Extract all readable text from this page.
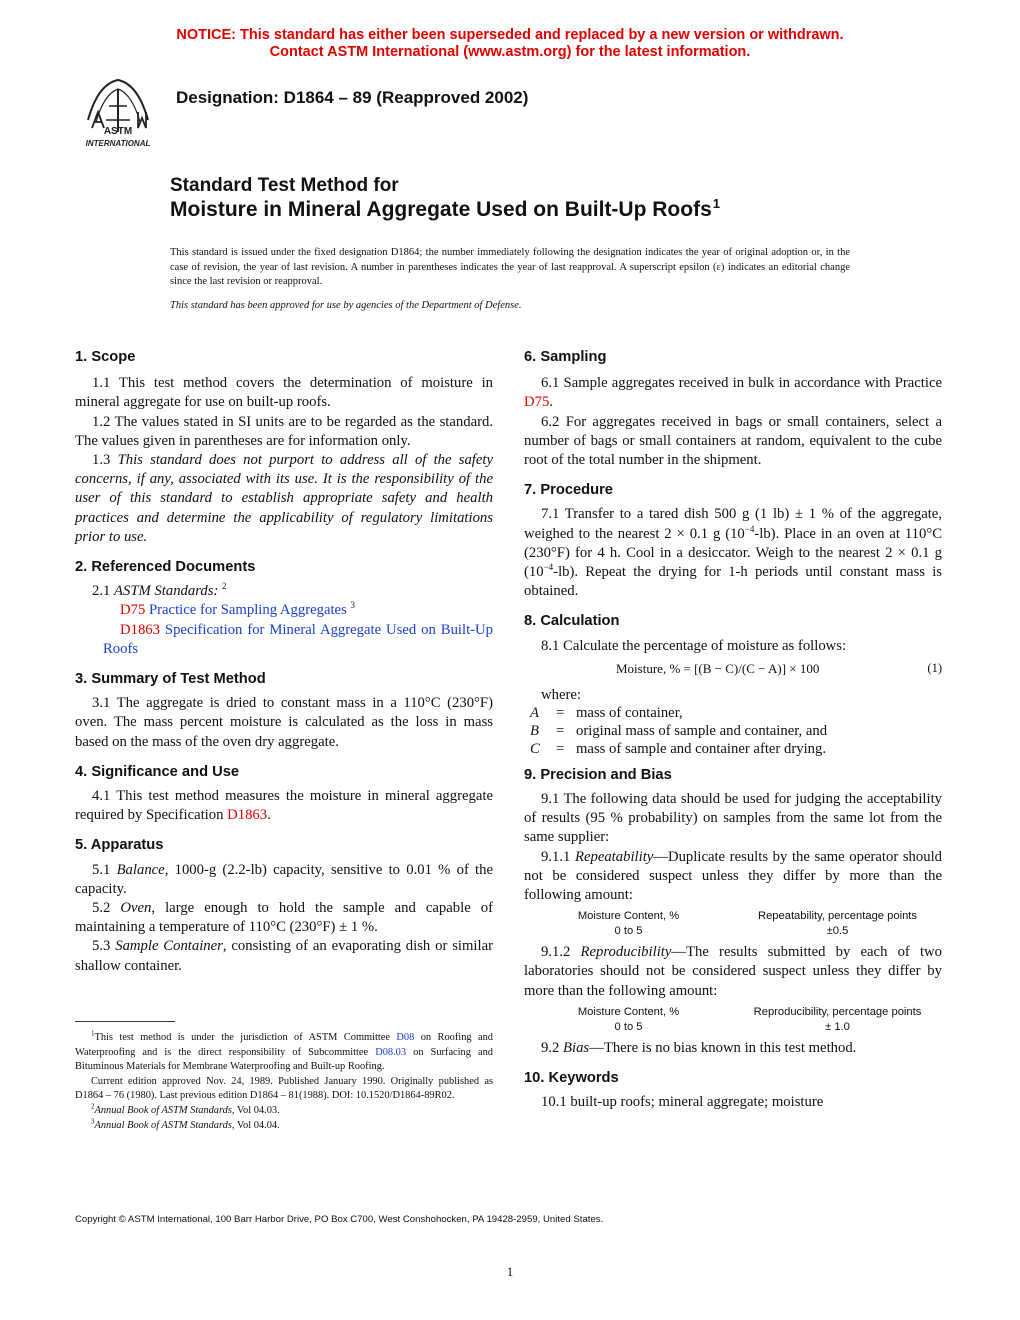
NOTICE: This standard has either been superseded and replaced by a new version or withdrawn.
Contact ASTM International (www.astm.org) for the latest information.
ASTM
INTERNATIONAL
Designation: D1864 – 89 (Reapproved 2002)
Standard Test Method for
Moisture in Mineral Aggregate Used on Built-Up Roofs$^1$
This standard is issued under the fixed designation D1864; the number immediately following the designation indicates the year of original adoption or, in the case of revision, the year of last revision. A number in parentheses indicates the year of last reapproval. A superscript epsilon (ε) indicates an editorial change since the last revision or reapproval.
This standard has been approved for use by agencies of the Department of Defense.
1. Scope

1.1 This test method covers the determination of moisture in mineral aggregate for use on built-up roofs.

1.2 The values stated in SI units are to be regarded as the standard. The values given in parentheses are for information only.

1.3 This standard does not purport to address all of the safety concerns, if any, associated with its use. It is the responsibility of the user of this standard to establish appropriate safety and health practices and determine the applicability of regulatory limitations prior to use.

2. Referenced Documents

2.1 ASTM Standards: $^2$

D75 Practice for Sampling Aggregates $^3$

D1863 Specification for Mineral Aggregate Used on Built-Up Roofs

3. Summary of Test Method

3.1 The aggregate is dried to constant mass in a 110°C (230°F) oven. The mass percent moisture is calculated as the loss in mass based on the mass of the oven dry aggregate.

4. Significance and Use

4.1 This test method measures the moisture in mineral aggregate required by Specification D1863.

5. Apparatus

5.1 Balance, 1000-g (2.2-lb) capacity, sensitive to 0.01 % of the capacity.

5.2 Oven, large enough to hold the sample and capable of maintaining a temperature of 110°C (230°F) ± 1 %.

5.3 Sample Container, consisting of an evaporating dish or similar shallow container.

6. Sampling

6.1 Sample aggregates received in bulk in accordance with Practice D75.

6.2 For aggregates received in bags or small containers, select a number of bags or small containers at random, equivalent to the cube root of the total number in the shipment.

7. Procedure

7.1 Transfer to a tared dish 500 g (1 lb) ± 1 % of the aggregate, weighed to the nearest 2 × 0.1 g $(10^{-4}-lb)$. Place in an oven at 110°C (230°F) for 4 h. Cool in a desiccator. Weigh to the nearest 2 × 0.1 g $(10^{-4}-lb)$. Repeat the drying for 1-h periods until constant mass is obtained.

8. Calculation

8.1 Calculate the percentage of moisture as follows:

Moisture, % = [(B − C)/(C − A)] × 100	(1)

where:

A = mass of container,
B = original mass of sample and container, and
C = mass of sample and container after drying.
9. Precision and Bias

9.1 The following data should be used for judging the acceptability of results (95 % probability) on samples from the same lot from the same supplier:

9.1.1 Repeatability—Duplicate results by the same operator should not be considered suspect unless they differ by more than the following amount:

Moisture Content, %
0 to 5
Repeatability, percentage points
±0.5

9.1.2 Reproducibility—The results submitted by each of two laboratories should not be considered suspect unless they differ by more than the following amount:

Moisture Content, %
0 to 5
Reproducibility, percentage points
± 1.0

9.2 Bias—There is no bias known in this test method.

10. Keywords

10.1 built-up roofs; mineral aggregate; moisture

$^1$This test method is under the jurisdiction of ASTM Committee D08 on Roofing and Waterproofing and is the direct responsibility of Subcommittee D08.03 on Surfacing and Bituminous Materials for Membrane Waterproofing and Built-up Roofing.

Current edition approved Nov. 24, 1989. Published January 1990. Originally published as D1864 – 76 (1980). Last previous edition D1864 – 81(1988). DOI: 10.1520/D1864-89R02.

$^2$Annual Book of ASTM Standards, Vol 04.03.

$^3$Annual Book of ASTM Standards, Vol 04.04.

Copyright © ASTM International, 100 Barr Harbor Drive, PO Box C700, West Conshohocken, PA 19428-2959, United States.
1
